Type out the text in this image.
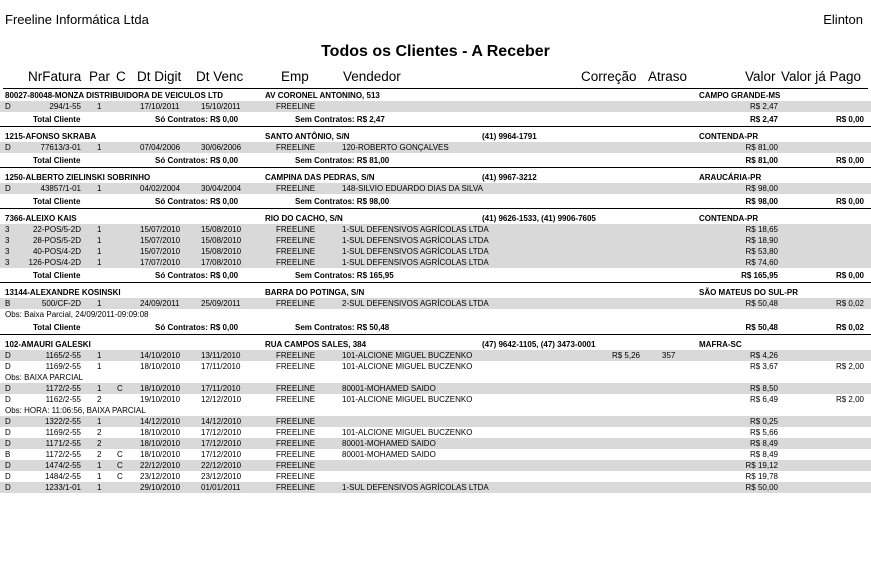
Freeline Informática Ltda	Elinton
Todos os Clientes - A Receber
NrFatura Par C Dt Digit Dt Venc	Emp	Vendedor	Correção Atraso	Valor Valor já Pago
80027-80048-MONZA DISTRIBUIDORA DE VEICULOS LTD	AV CORONEL ANTONINO, 513	CAMPO GRANDE-MS
D	294/1-55 1	17/10/2011	15/10/2011	FREELINE	R$ 2,47
Total Cliente	Só Contratos: R$ 0,00	Sem Contratos: R$ 2,47	R$ 2,47	R$ 0,00
1215-AFONSO SKRABA	SANTO ANTÔNIO, S/N	(41) 9964-1791	CONTENDA-PR
D	77613/3-01 1	07/04/2006	30/06/2006	FREELINE	120-ROBERTO GONÇALVES	R$ 81,00
Total Cliente	Só Contratos: R$ 0,00	Sem Contratos: R$ 81,00	R$ 81,00	R$ 0,00
1250-ALBERTO ZIELINSKI SOBRINHO	CAMPINA DAS PEDRAS, S/N	(41) 9967-3212	ARAUCÁRIA-PR
D	43857/1-01 1	04/02/2004	30/04/2004	FREELINE	148-SILVIO EDUARDO DIAS DA SILVA	R$ 98,00
Total Cliente	Só Contratos: R$ 0,00	Sem Contratos: R$ 98,00	R$ 98,00	R$ 0,00
7366-ALEIXO KAIS	RIO DO CACHO, S/N	(41) 9626-1533, (41) 9906-7605	CONTENDA-PR
3	22-POS/5-2D 1	15/07/2010	15/08/2010	FREELINE	1-SUL DEFENSIVOS AGRÍCOLAS LTDA	R$ 18,65
3	28-POS/5-2D 1	15/07/2010	15/08/2010	FREELINE	1-SUL DEFENSIVOS AGRÍCOLAS LTDA	R$ 18,90
3	40-POS/4-2D 1	15/07/2010	15/08/2010	FREELINE	1-SUL DEFENSIVOS AGRÍCOLAS LTDA	R$ 53,80
3 126-POS/4-2D 1	17/07/2010	17/08/2010	FREELINE	1-SUL DEFENSIVOS AGRÍCOLAS LTDA	R$ 74,60
Total Cliente	Só Contratos: R$ 0,00	Sem Contratos: R$ 165,95	R$ 165,95	R$ 0,00
13144-ALEXANDRE KOSINSKI	BARRA DO POTINGA, S/N	SÃO MATEUS DO SUL-PR
B	500/CF-2D 1	24/09/2011	25/09/2011	FREELINE	2-SUL DEFENSIVOS AGRÍCOLAS LTDA	R$ 50,48	R$ 0,02
Obs: Baixa Parcial, 24/09/2011-09:09:08
Total Cliente	Só Contratos: R$ 0,00	Sem Contratos: R$ 50,48	R$ 50,48	R$ 0,02
102-AMAURI GALESKI	RUA CAMPOS SALES, 384	(47) 9642-1105, (47) 3473-0001	MAFRA-SC
D	1165/2-55 1	14/10/2010	13/11/2010	FREELINE	101-ALCIONE MIGUEL BUCZENKO	R$ 5,26	357	R$ 4,26
D	1169/2-55 1	18/10/2010	17/11/2010	FREELINE	101-ALCIONE MIGUEL BUCZENKO	R$ 3,67	R$ 2,00
Obs: BAIXA PARCIAL
D	1172/2-55 1 C 18/10/2010	17/11/2010	FREELINE	80001-MOHAMED SAIDO	R$ 8,50
D	1162/2-55 2	19/10/2010	12/12/2010	FREELINE	101-ALCIONE MIGUEL BUCZENKO	R$ 6,49	R$ 2,00
Obs: HORA: 11:06:56, BAIXA PARCIAL
D	1322/2-55 1	14/12/2010	14/12/2010	FREELINE	R$ 0,25
D	1169/2-55 2	18/10/2010	17/12/2010	FREELINE	101-ALCIONE MIGUEL BUCZENKO	R$ 5,66
D	1171/2-55 2	18/10/2010	17/12/2010	FREELINE	80001-MOHAMED SAIDO	R$ 8,49
B	1172/2-55 2 C 18/10/2010	17/12/2010	FREELINE	80001-MOHAMED SAIDO	R$ 8,49
D	1474/2-55 1 C 22/12/2010	22/12/2010	FREELINE	R$ 19,12
D	1484/2-55 1 C 23/12/2010	23/12/2010	FREELINE	R$ 19,78
D	1233/1-01 1	29/10/2010	01/01/2011	FREELINE	1-SUL DEFENSIVOS AGRÍCOLAS LTDA	R$ 50,00
